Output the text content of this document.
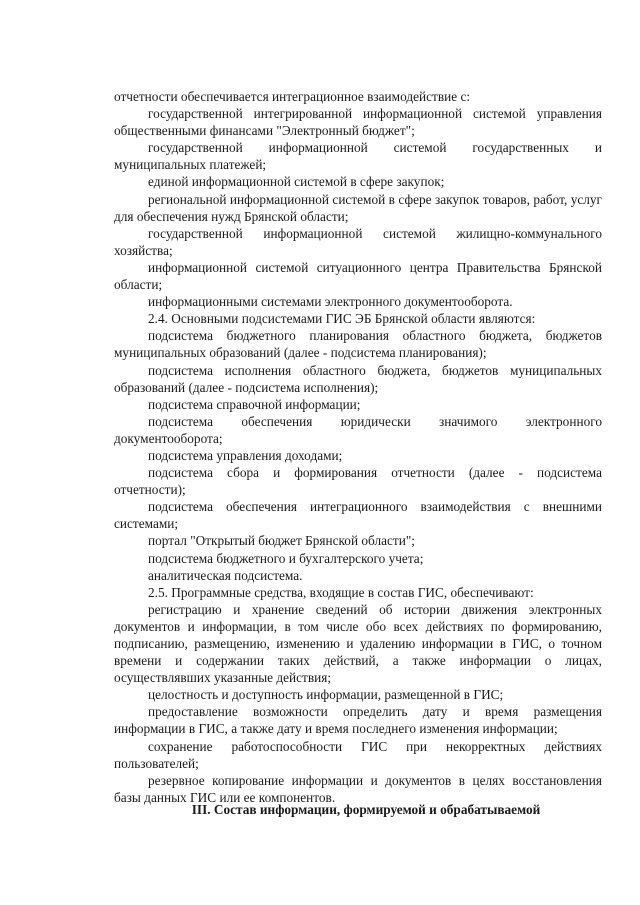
отчетности обеспечивается интеграционное взаимодействие с:

государственной интегрированной информационной системой управления общественными финансами "Электронный бюджет";

государственной информационной системой государственных и муниципальных платежей;

единой информационной системой в сфере закупок;

региональной информационной системой в сфере закупок товаров, работ, услуг для обеспечения нужд Брянской области;

государственной информационной системой жилищно-коммунального хозяйства;

информационной системой ситуационного центра Правительства Брянской области;

информационными системами электронного документооборота.

2.4. Основными подсистемами ГИС ЭБ Брянской области являются:

подсистема бюджетного планирования областного бюджета, бюджетов муниципальных образований (далее - подсистема планирования);

подсистема исполнения областного бюджета, бюджетов муниципальных образований (далее - подсистема исполнения);

подсистема справочной информации;

подсистема обеспечения юридически значимого электронного документооборота;

подсистема управления доходами;

подсистема сбора и формирования отчетности (далее - подсистема отчетности);

подсистема обеспечения интеграционного взаимодействия с внешними системами;

портал "Открытый бюджет Брянской области";

подсистема бюджетного и бухгалтерского учета;

аналитическая подсистема.

2.5. Программные средства, входящие в состав ГИС, обеспечивают:

регистрацию и хранение сведений об истории движения электронных документов и информации, в том числе обо всех действиях по формированию, подписанию, размещению, изменению и удалению информации в ГИС, о точном времени и содержании таких действий, а также информации о лицах, осуществлявших указанные действия;

целостность и доступность информации, размещенной в ГИС;

предоставление возможности определить дату и время размещения информации в ГИС, а также дату и время последнего изменения информации;

сохранение работоспособности ГИС при некорректных действиях пользователей;

резервное копирование информации и документов в целях восстановления базы данных ГИС или ее компонентов.

III. Состав информации, формируемой и обрабатываемой
